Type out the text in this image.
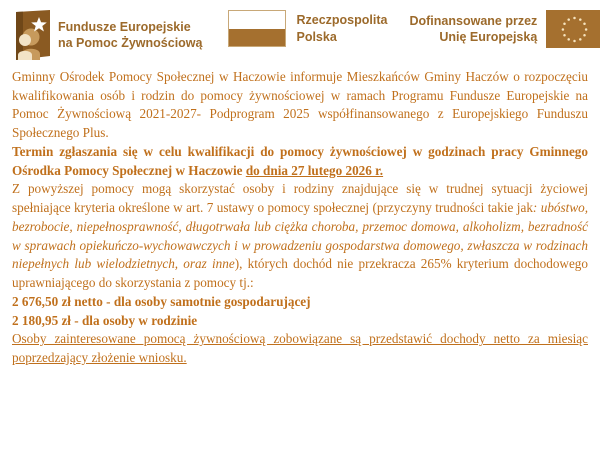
Fundusze Europejskie
na Pomoc Żywnościową
Rzeczpospolita
Polska
Dofinansowane przez
Unię Europejską

Gminny Ośrodek Pomocy Społecznej w Haczowie informuje Mieszkańców Gminy Haczów o rozpoczęciu kwalifikowania osób i rodzin do pomocy żywnościowej w ramach Programu Fundusze Europejskie na Pomoc Żywnościową 2021-2027- Podprogram 2025 współfinansowanego z Europejskiego Funduszu Społecznego Plus.

Termin zgłaszania się w celu kwalifikacji do pomocy żywnościowej w godzinach pracy Gminnego Ośrodka Pomocy Społecznej w Haczowie do dnia 27 lutego 2026 r.

Z powyższej pomocy mogą skorzystać osoby i rodziny znajdujące się w trudnej sytuacji życiowej spełniające kryteria określone w art. 7 ustawy o pomocy społecznej (przyczyny trudności takie jak: ubóstwo, bezrobocie, niepełnosprawność, długotrwała lub ciężka choroba, przemoc domowa, alkoholizm, bezradność w sprawach opiekuńczo-wychowawczych i w prowadzeniu gospodarstwa domowego, zwłaszcza w rodzinach niepełnych lub wielodzietnych, oraz inne), których dochód nie przekracza 265% kryterium dochodowego uprawniającego do skorzystania z pomocy tj.:

2 676,50 zł netto - dla osoby samotnie gospodarującej

2 180,95 zł - dla osoby w rodzinie

Osoby zainteresowane pomocą żywnościową zobowiązane są przedstawić dochody netto za miesiąc poprzedzający złożenie wniosku.
